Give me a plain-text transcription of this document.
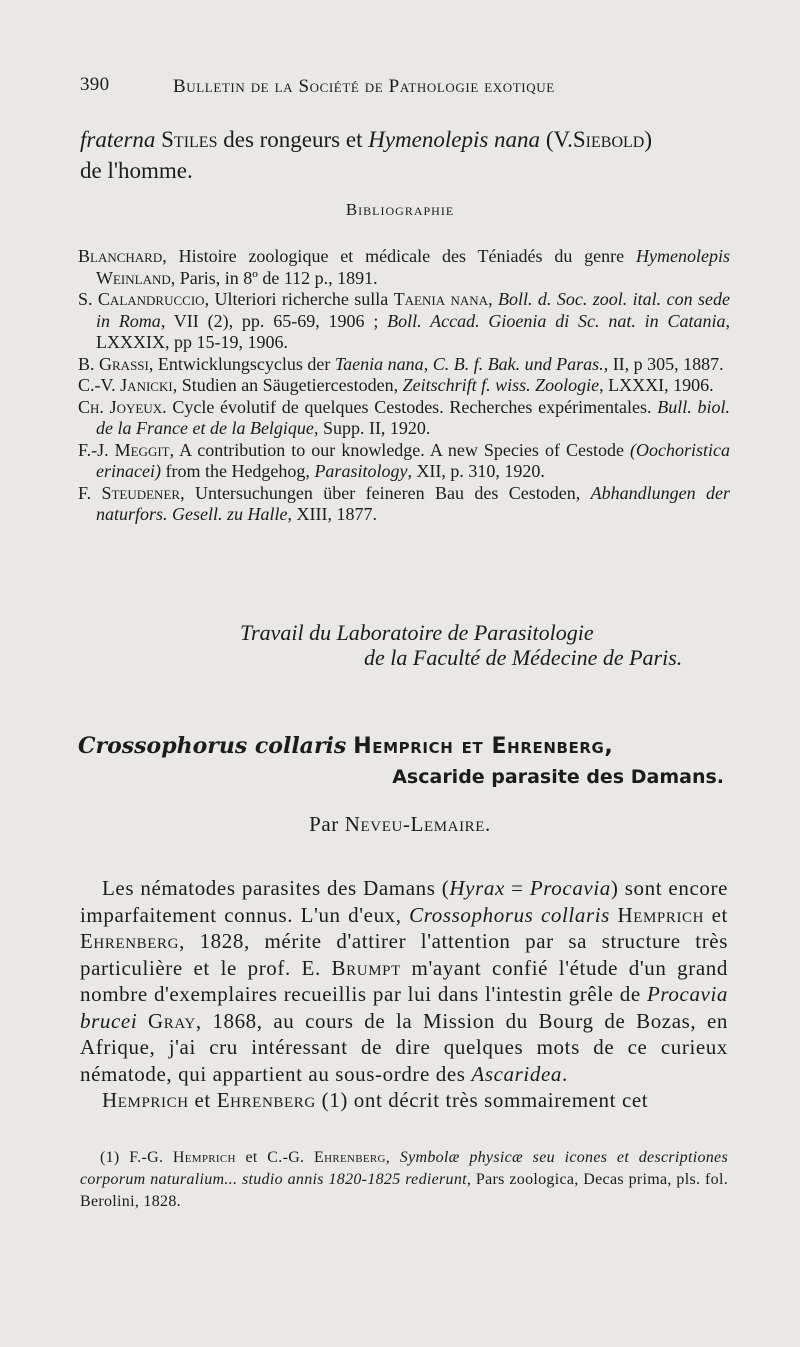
390	Bulletin de la Société de Pathologie exotique
fraterna Stiles des rongeurs et Hymenolepis nana (V.Siebold)
de l'homme.
Bibliographie

Blanchard, Histoire zoologique et médicale des Téniadés du genre Hymenolepis Weinland, Paris, in 8º de 112 p., 1891.

S. Calandruccio, Ulteriori richerche sulla Taenia nana, Boll. d. Soc. zool. ital. con sede in Roma, VII (2), pp. 65-69, 1906 ; Boll. Accad. Gioenia di Sc. nat. in Catania, LXXXIX, pp 15-19, 1906.

B. Grassi, Entwicklungscyclus der Taenia nana, C. B. f. Bak. und Paras., II, p 305, 1887.

C.-V. Janicki, Studien an Säugetiercestoden, Zeitschrift f. wiss. Zoologie, LXXXI, 1906.

Ch. Joyeux. Cycle évolutif de quelques Cestodes. Recherches expérimentales. Bull. biol. de la France et de la Belgique, Supp. II, 1920.

F.-J. Meggit, A contribution to our knowledge. A new Species of Cestode (Oochoristica erinacei) from the Hedgehog, Parasitology, XII, p. 310, 1920.

F. Steudener, Untersuchungen über feineren Bau des Cestoden, Abhandlungen der naturfors. Gesell. zu Halle, XIII, 1877.

Travail du Laboratoire de Parasitologie
de la Faculté de Médecine de Paris.
Crossophorus collaris Hemprich et Ehrenberg,
Ascaride parasite des Damans.
Par Neveu-Lemaire.

Les nématodes parasites des Damans (Hyrax = Procavia) sont encore imparfaitement connus. L'un d'eux, Crossophorus collaris Hemprich et Ehrenberg, 1828, mérite d'attirer l'attention par sa structure très particulière et le prof. E. Brumpt m'ayant confié l'étude d'un grand nombre d'exemplaires recueillis par lui dans l'intestin grêle de Procavia brucei Gray, 1868, au cours de la Mission du Bourg de Bozas, en Afrique, j'ai cru intéressant de dire quelques mots de ce curieux nématode, qui appartient au sous-ordre des Ascaridea.

Hemprich et Ehrenberg (1) ont décrit très sommairement cet

(1) F.-G. Hemprich et C.-G. Ehrenberg, Symbolæ physicæ seu icones et descriptiones corporum naturalium... studio annis 1820-1825 redierunt, Pars zoologica, Decas prima, pls. fol. Berolini, 1828.
